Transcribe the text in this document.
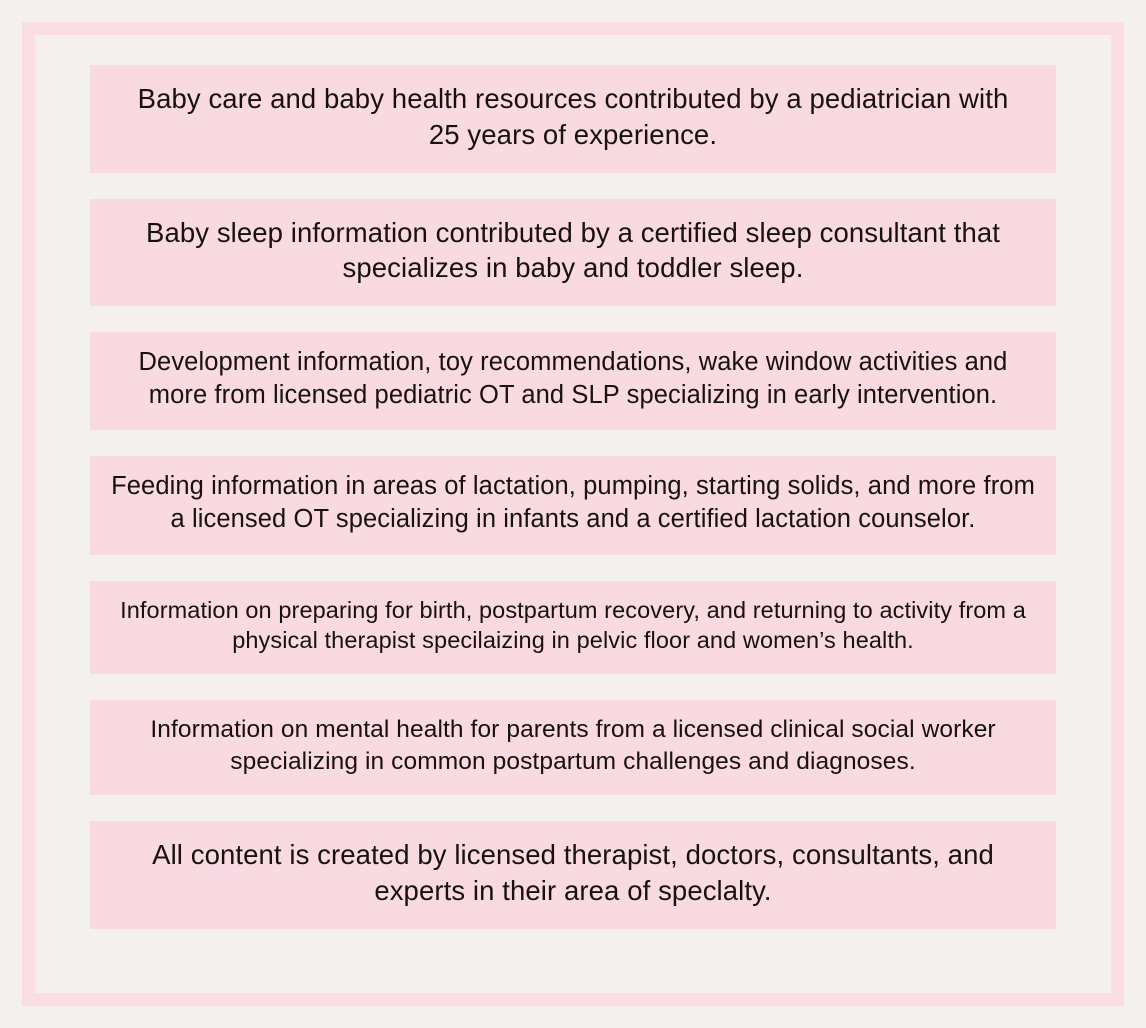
Baby care and baby health resources contributed by a pediatrician with 25 years of experience.

Baby sleep information contributed by a certified sleep consultant that specializes in baby and toddler sleep.

Development information, toy recommendations, wake window activities and more from licensed pediatric OT and SLP specializing in early intervention.

Feeding information in areas of lactation, pumping, starting solids, and more from a licensed OT specializing in infants and a certified lactation counselor.

Information on preparing for birth, postpartum recovery, and returning to activity from a physical therapist specilaizing in pelvic floor and women’s health.

Information on mental health for parents from a licensed clinical social worker specializing in common postpartum challenges and diagnoses.

All content is created by licensed therapist, doctors, consultants, and experts in their area of speclalty.
